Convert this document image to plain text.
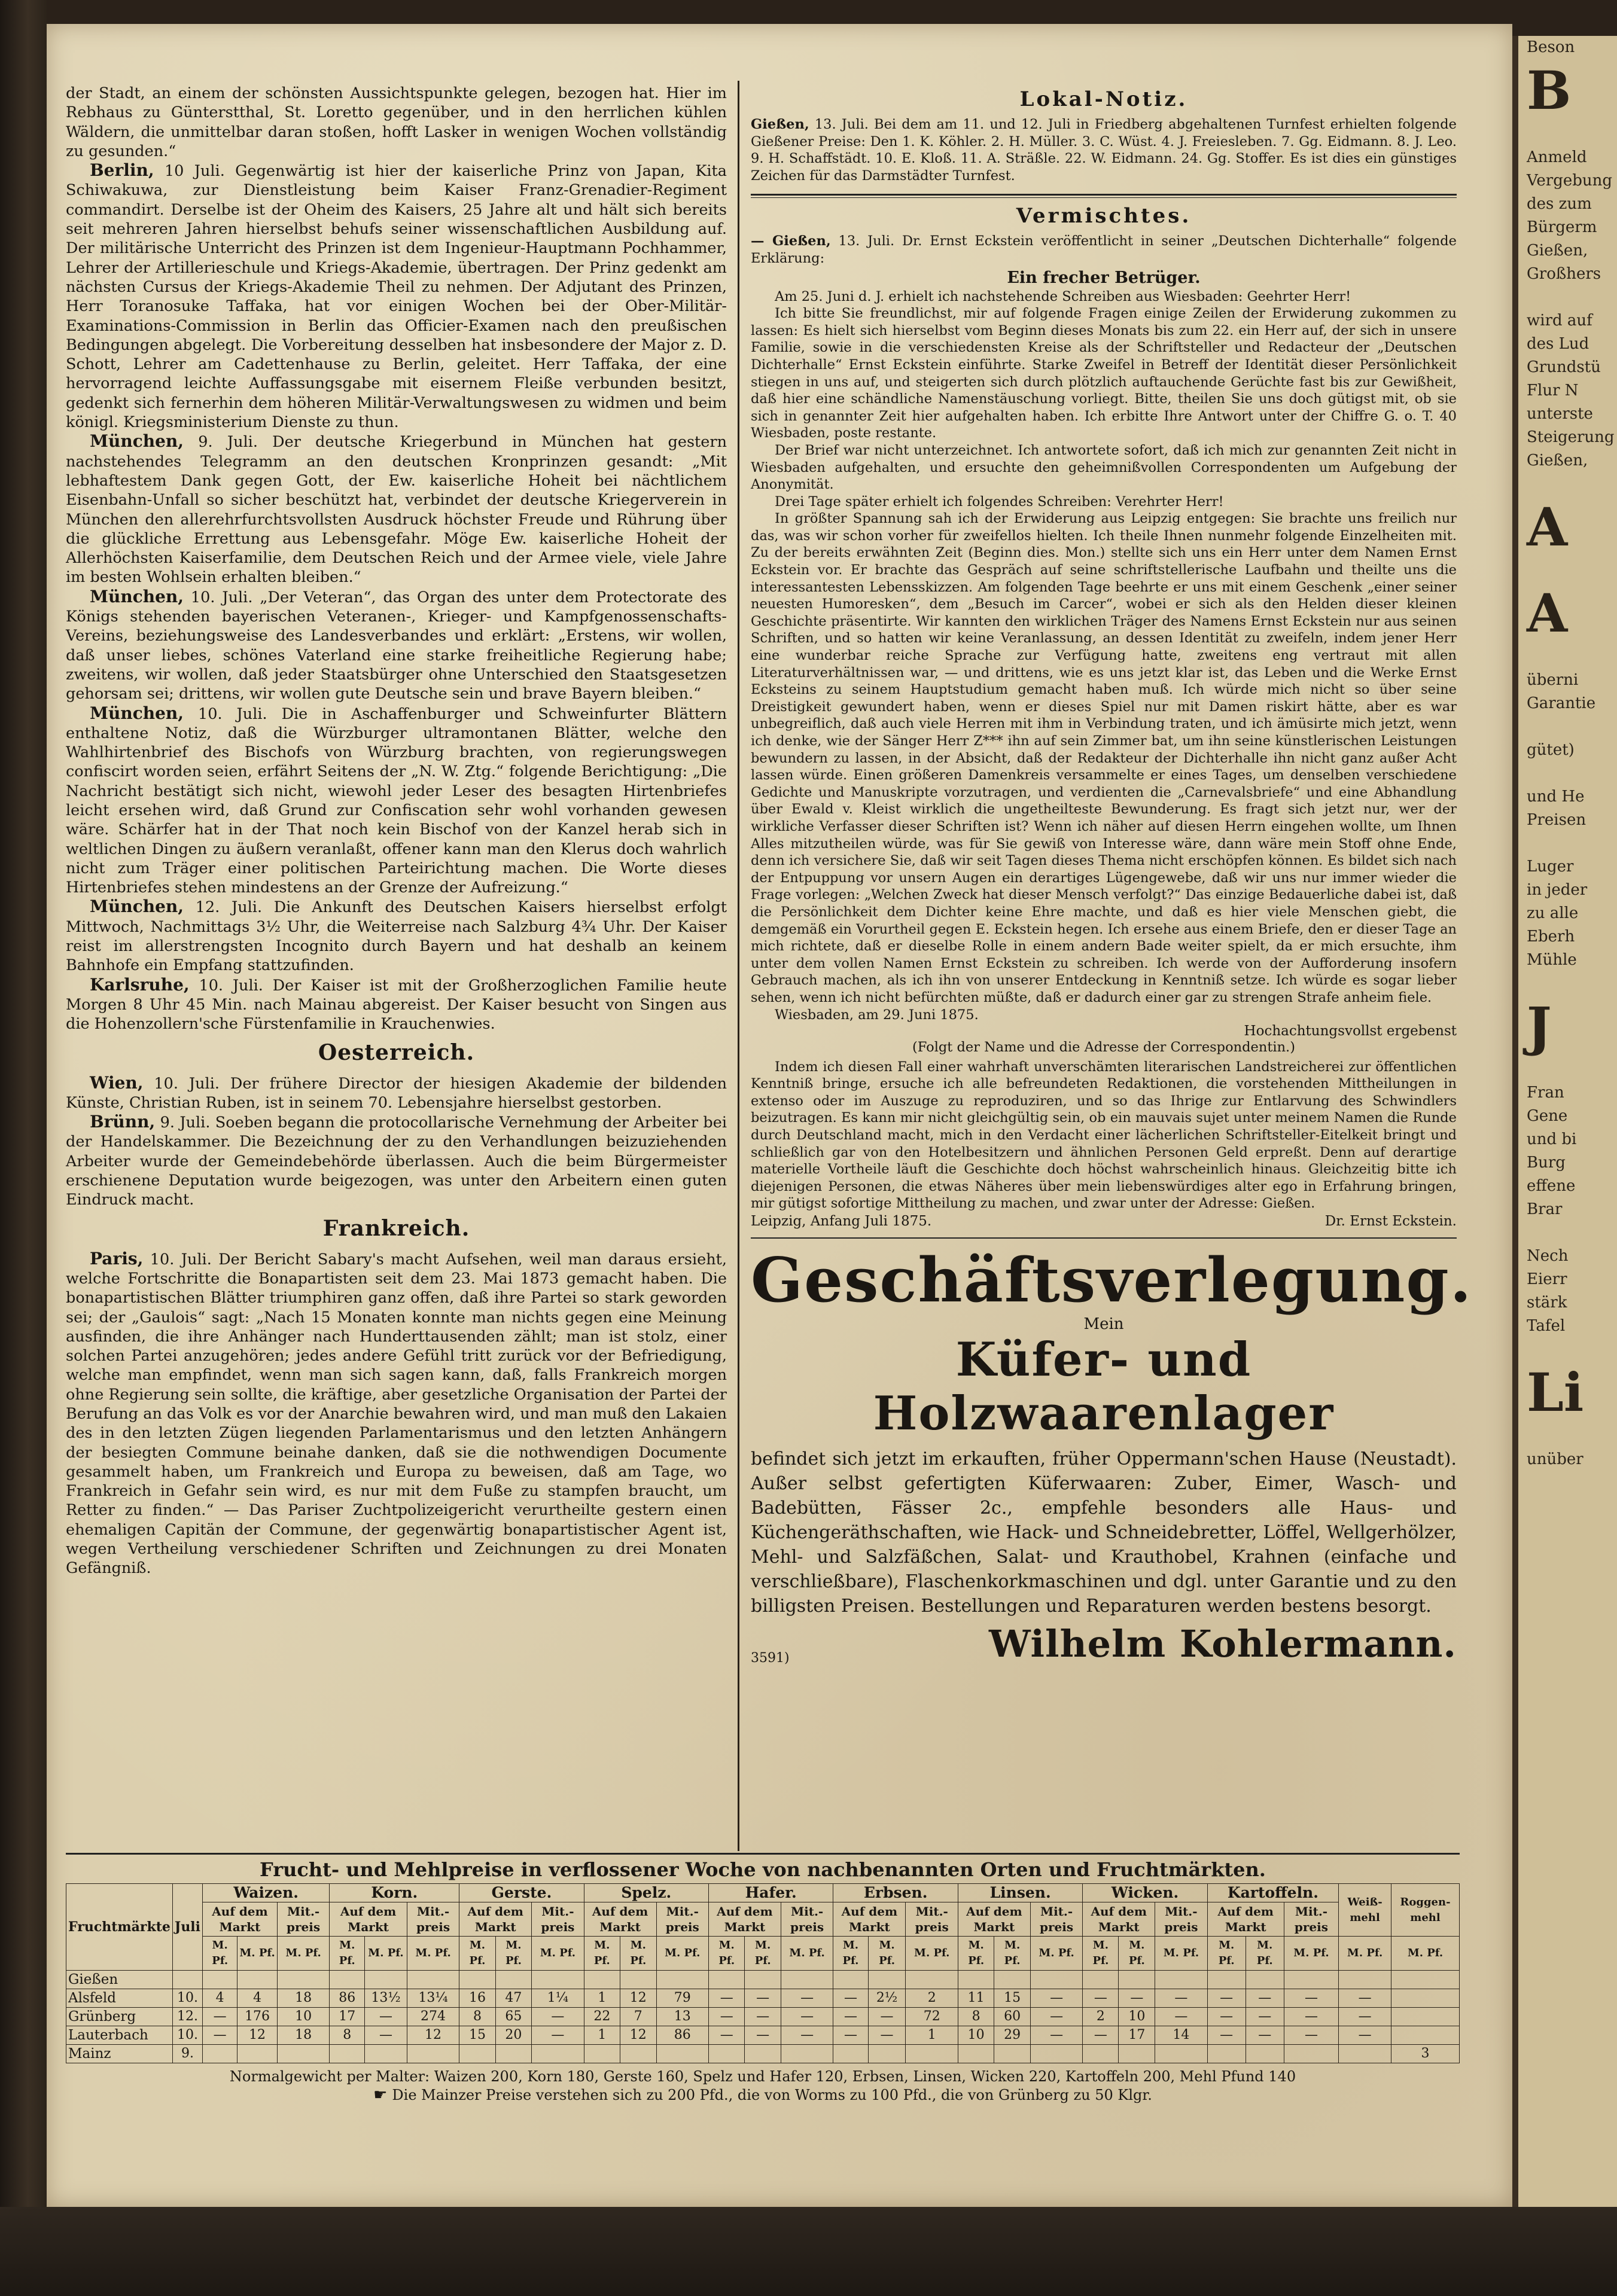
Beson
B

Anmeld
Vergebung
des zum
Bürgerm
Gießen,
Großhers

wird auf
des Lud
Grundstü
Flur N
unterste
Steigerung
Gießen,

A

A

überni
Garantie

gütet)

und He
Preisen

Luger
in jeder
zu alle
Eberh
Mühle

J

Fran
Gene
und bi
Burg
effene
Brar

Nech
Eierr
stärk
Tafel

Li

unüber

der Stadt, an einem der schönsten Aussichtspunkte gelegen, bezogen hat. Hier im Rebhaus zu Günterstthal, St. Loretto gegenüber, und in den herrlichen kühlen Wäldern, die unmittelbar daran stoßen, hofft Lasker in wenigen Wochen vollständig zu gesunden.“

Berlin, 10 Juli. Gegenwärtig ist hier der kaiserliche Prinz von Japan, Kita Schiwakuwa, zur Dienstleistung beim Kaiser Franz-Grenadier-Regiment commandirt. Derselbe ist der Oheim des Kaisers, 25 Jahre alt und hält sich bereits seit mehreren Jahren hierselbst behufs seiner wissenschaftlichen Ausbildung auf. Der militärische Unterricht des Prinzen ist dem Ingenieur-Hauptmann Pochhammer, Lehrer der Artillerieschule und Kriegs-Akademie, übertragen. Der Prinz gedenkt am nächsten Cursus der Kriegs-Akademie Theil zu nehmen. Der Adjutant des Prinzen, Herr Toranosuke Taffaka, hat vor einigen Wochen bei der Ober-Militär-Examinations-Commission in Berlin das Officier-Examen nach den preußischen Bedingungen abgelegt. Die Vorbereitung desselben hat insbesondere der Major z. D. Schott, Lehrer am Cadettenhause zu Berlin, geleitet. Herr Taffaka, der eine hervorragend leichte Auffassungsgabe mit eisernem Fleiße verbunden besitzt, gedenkt sich fernerhin dem höheren Militär-Verwaltungswesen zu widmen und beim königl. Kriegsministerium Dienste zu thun.

München, 9. Juli. Der deutsche Kriegerbund in München hat gestern nachstehendes Telegramm an den deutschen Kronprinzen gesandt: „Mit lebhaftestem Dank gegen Gott, der Ew. kaiserliche Hoheit bei nächtlichem Eisenbahn-Unfall so sicher beschützt hat, verbindet der deutsche Kriegerverein in München den allerehrfurchtsvollsten Ausdruck höchster Freude und Rührung über die glückliche Errettung aus Lebensgefahr. Möge Ew. kaiserliche Hoheit der Allerhöchsten Kaiserfamilie, dem Deutschen Reich und der Armee viele, viele Jahre im besten Wohlsein erhalten bleiben.“

München, 10. Juli. „Der Veteran“, das Organ des unter dem Protectorate des Königs stehenden bayerischen Veteranen-, Krieger- und Kampfgenossenschafts-Vereins, beziehungsweise des Landesverbandes und erklärt: „Erstens, wir wollen, daß unser liebes, schönes Vaterland eine starke freiheitliche Regierung habe; zweitens, wir wollen, daß jeder Staatsbürger ohne Unterschied den Staatsgesetzen gehorsam sei; drittens, wir wollen gute Deutsche sein und brave Bayern bleiben.“

München, 10. Juli. Die in Aschaffenburger und Schweinfurter Blättern enthaltene Notiz, daß die Würzburger ultramontanen Blätter, welche den Wahlhirtenbrief des Bischofs von Würzburg brachten, von regierungswegen confiscirt worden seien, erfährt Seitens der „N. W. Ztg.“ folgende Berichtigung: „Die Nachricht bestätigt sich nicht, wiewohl jeder Leser des besagten Hirtenbriefes leicht ersehen wird, daß Grund zur Confiscation sehr wohl vorhanden gewesen wäre. Schärfer hat in der That noch kein Bischof von der Kanzel herab sich in weltlichen Dingen zu äußern veranlaßt, offener kann man den Klerus doch wahrlich nicht zum Träger einer politischen Parteirichtung machen. Die Worte dieses Hirtenbriefes stehen mindestens an der Grenze der Aufreizung.“

München, 12. Juli. Die Ankunft des Deutschen Kaisers hierselbst erfolgt Mittwoch, Nachmittags 3½ Uhr, die Weiterreise nach Salzburg 4¾ Uhr. Der Kaiser reist im allerstrengsten Incognito durch Bayern und hat deshalb an keinem Bahnhofe ein Empfang stattzufinden.

Karlsruhe, 10. Juli. Der Kaiser ist mit der Großherzoglichen Familie heute Morgen 8 Uhr 45 Min. nach Mainau abgereist. Der Kaiser besucht von Singen aus die Hohenzollern'sche Fürstenfamilie in Krauchenwies.

Oesterreich.

Wien, 10. Juli. Der frühere Director der hiesigen Akademie der bildenden Künste, Christian Ruben, ist in seinem 70. Lebensjahre hierselbst gestorben.

Brünn, 9. Juli. Soeben begann die protocollarische Vernehmung der Arbeiter bei der Handelskammer. Die Bezeichnung der zu den Verhandlungen beizuziehenden Arbeiter wurde der Gemeindebehörde überlassen. Auch die beim Bürgermeister erschienene Deputation wurde beigezogen, was unter den Arbeitern einen guten Eindruck macht.

Frankreich.

Paris, 10. Juli. Der Bericht Sabary's macht Aufsehen, weil man daraus ersieht, welche Fortschritte die Bonapartisten seit dem 23. Mai 1873 gemacht haben. Die bonapartistischen Blätter triumphiren ganz offen, daß ihre Partei so stark geworden sei; der „Gaulois“ sagt: „Nach 15 Monaten konnte man nichts gegen eine Meinung ausfinden, die ihre Anhänger nach Hunderttausenden zählt; man ist stolz, einer solchen Partei anzugehören; jedes andere Gefühl tritt zurück vor der Befriedigung, welche man empfindet, wenn man sich sagen kann, daß, falls Frankreich morgen ohne Regierung sein sollte, die kräftige, aber gesetzliche Organisation der Partei der Berufung an das Volk es vor der Anarchie bewahren wird, und man muß den Lakaien des in den letzten Zügen liegenden Parlamentarismus und den letzten Anhängern der besiegten Commune beinahe danken, daß sie die nothwendigen Documente gesammelt haben, um Frankreich und Europa zu beweisen, daß am Tage, wo Frankreich in Gefahr sein wird, es nur mit dem Fuße zu stampfen braucht, um Retter zu finden.“ — Das Pariser Zuchtpolizeigericht verurtheilte gestern einen ehemaligen Capitän der Commune, der gegenwärtig bonapartistischer Agent ist, wegen Vertheilung verschiedener Schriften und Zeichnungen zu drei Monaten Gefängniß.

Lokal-Notiz.

Gießen, 13. Juli. Bei dem am 11. und 12. Juli in Friedberg abgehaltenen Turnfest erhielten folgende Gießener Preise: Den 1. K. Köhler. 2. H. Müller. 3. C. Wüst. 4. J. Freiesleben. 7. Gg. Eidmann. 8. J. Leo. 9. H. Schaffstädt. 10. E. Kloß. 11. A. Sträßle. 22. W. Eidmann. 24. Gg. Stoffer. Es ist dies ein günstiges Zeichen für das Darmstädter Turnfest.

Vermischtes.

— Gießen, 13. Juli. Dr. Ernst Eckstein veröffentlicht in seiner „Deutschen Dichterhalle“ folgende Erklärung:

Ein frecher Betrüger.

Am 25. Juni d. J. erhielt ich nachstehende Schreiben aus Wiesbaden: Geehrter Herr!

Ich bitte Sie freundlichst, mir auf folgende Fragen einige Zeilen der Erwiderung zukommen zu lassen: Es hielt sich hierselbst vom Beginn dieses Monats bis zum 22. ein Herr auf, der sich in unsere Familie, sowie in die verschiedensten Kreise als der Schriftsteller und Redacteur der „Deutschen Dichterhalle“ Ernst Eckstein einführte. Starke Zweifel in Betreff der Identität dieser Persönlichkeit stiegen in uns auf, und steigerten sich durch plötzlich auftauchende Gerüchte fast bis zur Gewißheit, daß hier eine schändliche Namenstäuschung vorliegt. Bitte, theilen Sie uns doch gütigst mit, ob sie sich in genannter Zeit hier aufgehalten haben. Ich erbitte Ihre Antwort unter der Chiffre G. o. T. 40 Wiesbaden, poste restante.

Der Brief war nicht unterzeichnet. Ich antwortete sofort, daß ich mich zur genannten Zeit nicht in Wiesbaden aufgehalten, und ersuchte den geheimnißvollen Correspondenten um Aufgebung der Anonymität.

Drei Tage später erhielt ich folgendes Schreiben: Verehrter Herr!

In größter Spannung sah ich der Erwiderung aus Leipzig entgegen: Sie brachte uns freilich nur das, was wir schon vorher für zweifellos hielten. Ich theile Ihnen nunmehr folgende Einzelheiten mit. Zu der bereits erwähnten Zeit (Beginn dies. Mon.) stellte sich uns ein Herr unter dem Namen Ernst Eckstein vor. Er brachte das Gespräch auf seine schriftstellerische Laufbahn und theilte uns die interessantesten Lebensskizzen. Am folgenden Tage beehrte er uns mit einem Geschenk „einer seiner neuesten Humoresken“, dem „Besuch im Carcer“, wobei er sich als den Helden dieser kleinen Geschichte präsentirte. Wir kannten den wirklichen Träger des Namens Ernst Eckstein nur aus seinen Schriften, und so hatten wir keine Veranlassung, an dessen Identität zu zweifeln, indem jener Herr eine wunderbar reiche Sprache zur Verfügung hatte, zweitens eng vertraut mit allen Literaturverhältnissen war, — und drittens, wie es uns jetzt klar ist, das Leben und die Werke Ernst Ecksteins zu seinem Hauptstudium gemacht haben muß. Ich würde mich nicht so über seine Dreistigkeit gewundert haben, wenn er dieses Spiel nur mit Damen riskirt hätte, aber es war unbegreiflich, daß auch viele Herren mit ihm in Verbindung traten, und ich ämüsirte mich jetzt, wenn ich denke, wie der Sänger Herr Z*** ihn auf sein Zimmer bat, um ihn seine künstlerischen Leistungen bewundern zu lassen, in der Absicht, daß der Redakteur der Dichterhalle ihn nicht ganz außer Acht lassen würde. Einen größeren Damenkreis versammelte er eines Tages, um denselben verschiedene Gedichte und Manuskripte vorzutragen, und verdienten die „Carnevalsbriefe“ und eine Abhandlung über Ewald v. Kleist wirklich die ungetheilteste Bewunderung. Es fragt sich jetzt nur, wer der wirkliche Verfasser dieser Schriften ist? Wenn ich näher auf diesen Herrn eingehen wollte, um Ihnen Alles mitzutheilen würde, was für Sie gewiß von Interesse wäre, dann wäre mein Stoff ohne Ende, denn ich versichere Sie, daß wir seit Tagen dieses Thema nicht erschöpfen können. Es bildet sich nach der Entpuppung vor unsern Augen ein derartiges Lügengewebe, daß wir uns nur immer wieder die Frage vorlegen: „Welchen Zweck hat dieser Mensch verfolgt?“ Das einzige Bedauerliche dabei ist, daß die Persönlichkeit dem Dichter keine Ehre machte, und daß es hier viele Menschen giebt, die demgemäß ein Vorurtheil gegen E. Eckstein hegen. Ich ersehe aus einem Briefe, den er dieser Tage an mich richtete, daß er dieselbe Rolle in einem andern Bade weiter spielt, da er mich ersuchte, ihm unter dem vollen Namen Ernst Eckstein zu schreiben. Ich werde von der Aufforderung insofern Gebrauch machen, als ich ihn von unserer Entdeckung in Kenntniß setze. Ich würde es sogar lieber sehen, wenn ich nicht befürchten müßte, daß er dadurch einer gar zu strengen Strafe anheim fiele.

Wiesbaden, am 29. Juni 1875.

Hochachtungsvollst ergebenst
(Folgt der Name und die Adresse der Correspondentin.)

Indem ich diesen Fall einer wahrhaft unverschämten literarischen Landstreicherei zur öffentlichen Kenntniß bringe, ersuche ich alle befreundeten Redaktionen, die vorstehenden Mittheilungen in extenso oder im Auszuge zu reproduziren, und so das Ihrige zur Entlarvung des Schwindlers beizutragen. Es kann mir nicht gleichgültig sein, ob ein mauvais sujet unter meinem Namen die Runde durch Deutschland macht, mich in den Verdacht einer lächerlichen Schriftsteller-Eitelkeit bringt und schließlich gar von den Hotelbesitzern und ähnlichen Personen Geld erpreßt. Denn auf derartige materielle Vortheile läuft die Geschichte doch höchst wahrscheinlich hinaus. Gleichzeitig bitte ich diejenigen Personen, die etwas Näheres über mein liebenswürdiges alter ego in Erfahrung bringen, mir gütigst sofortige Mittheilung zu machen, und zwar unter der Adresse: Gießen.

Leipzig, Anfang Juli 1875.	Dr. Ernst Eckstein.
Geschäftsverlegung.
Mein
Küfer- und Holzwaarenlager

befindet sich jetzt im erkauften, früher Oppermann'schen Hause (Neustadt). Außer selbst gefertigten Küferwaaren: Zuber, Eimer, Wasch- und Badebütten, Fässer 2c., empfehle besonders alle Haus- und Küchengeräthschaften, wie Hack- und Schneidebretter, Löffel, Wellgerhölzer, Mehl- und Salzfäßchen, Salat- und Krauthobel, Krahnen (einfache und verschließbare), Flaschenkorkmaschinen und dgl. unter Garantie und zu den billigsten Preisen. Bestellungen und Reparaturen werden bestens besorgt.

3591)	Wilhelm Kohlermann.
Frucht- und Mehlpreise in verflossener Woche von nachbenannten Orten und Fruchtmärkten.
Fruchtmärkte	Juli	Waizen.			Korn.			Gerste.			Spelz.			Hafer.			Erbsen.			Linsen.			Wicken.			Kartoffeln.			Weiß-mehl	Roggen-mehl
		Auf dem Markt		Mit.-preis	Auf dem Markt		Mit.-preis	Auf dem Markt		Mit.-preis	Auf dem Markt		Mit.-preis	Auf dem Markt		Mit.-preis	Auf dem Markt		Mit.-preis	Auf dem Markt		Mit.-preis	Auf dem Markt		Mit.-preis	Auf dem Markt		Mit.-preis		
		M. Pf.	M. Pf.	M. Pf.	M. Pf.	M. Pf.	M. Pf.	M. Pf.	M. Pf.	M. Pf.	M. Pf.	M. Pf.	M. Pf.	M. Pf.	M. Pf.	M. Pf.	M. Pf.	M. Pf.	M. Pf.	M. Pf.	M. Pf.	M. Pf.	M. Pf.	M. Pf.	M. Pf.	M. Pf.	M. Pf.	M. Pf.	M. Pf.	M. Pf.
Gießen																														
Alsfeld	10.	4	4	18	86	13½	13¼	16	47	1¼	1	12	79	—	—	—	—	2½	2	11	15	—	—	—	—	—	—	—	—	
Grünberg	12.	—	176	10	17	—	274	8	65	—	22	7	13	—	—	—	—	—	72	8	60	—	2	10	—	—	—	—	—	
Lauterbach	10.	—	12	18	8	—	12	15	20	—	1	12	86	—	—	—	—	—	1	10	29	—	—	17	14	—	—	—	—	
Mainz	9.																													3
Normalgewicht per Malter: Waizen 200, Korn 180, Gerste 160, Spelz und Hafer 120, Erbsen, Linsen, Wicken 220, Kartoffeln 200, Mehl Pfund 140
☛ Die Mainzer Preise verstehen sich zu 200 Pfd., die von Worms zu 100 Pfd., die von Grünberg zu 50 Klgr.
